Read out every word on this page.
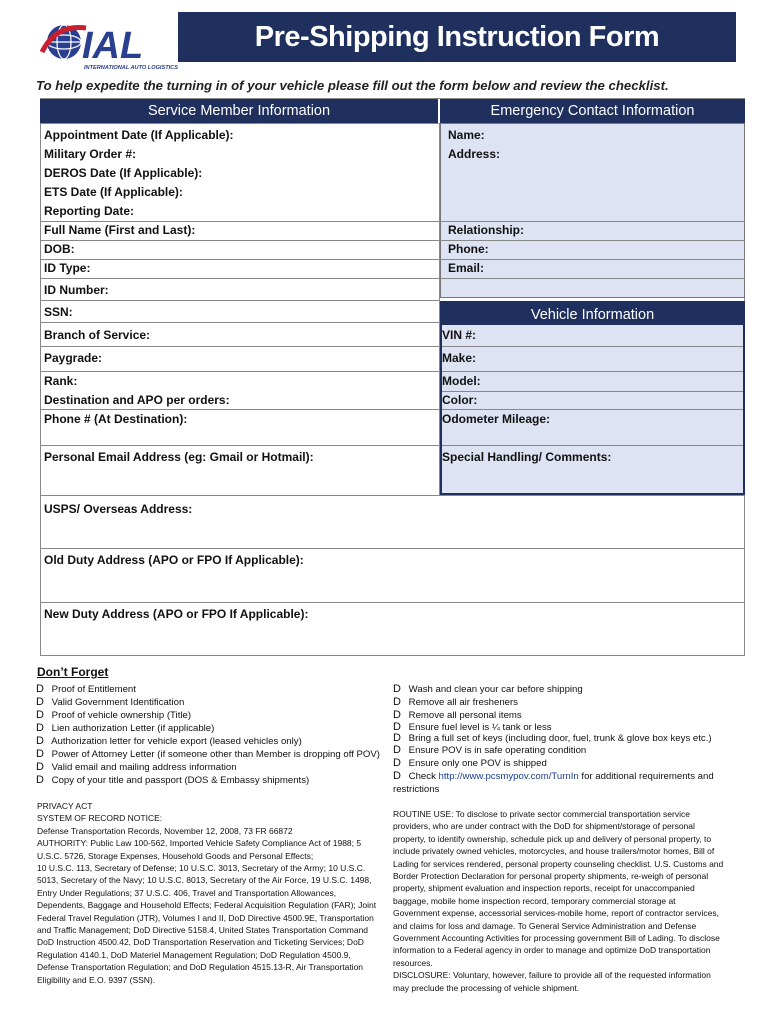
IAL
INTERNATIONAL AUTO LOGISTICS
Pre-Shipping Instruction Form
To help expedite the turning in of your vehicle please fill out the form below and review the checklist.
Service Member Information	Emergency Contact Information
Vehicle Information
Appointment Date (If Applicable):
Military Order #:
DEROS Date (If Applicable):
ETS Date (If Applicable):
Reporting Date:
Full Name (First and Last):
DOB:
ID Type:
ID Number:
SSN:
Branch of Service:
Paygrade:
Rank:
Destination and APO per orders:
Phone # (At Destination):
Personal Email Address (eg: Gmail or Hotmail):
Name:
Address:
Relationship:
Phone:
Email:
VIN #:
Make:
Model:
Color:
Odometer Mileage:
Special Handling/ Comments:
USPS/ Overseas Address:
Old Duty Address (APO or FPO If Applicable):
New Duty Address (APO or FPO If Applicable):
Don’t Forget
D Proof of Entitlement
D Valid Government Identification
D Proof of vehicle ownership (Title)
D Lien authorization Letter (if applicable)
D Authorization letter for vehicle export (leased vehicles only)
D Power of Attorney Letter (if someone other than Member is dropping off POV)
D Valid email and mailing address information
D Copy of your title and passport (DOS & Embassy shipments)
D Wash and clean your car before shipping
D Remove all air fresheners
D Remove all personal items
D Ensure fuel level is ¼ tank or less
D Bring a full set of keys (including door, fuel, trunk & glove box keys etc.)
D Ensure POV is in safe operating condition
D Ensure only one POV is shipped
D Check http://www.pcsmypov.com/TurnIn for additional requirements and
restrictions
PRIVACY ACT
SYSTEM OF RECORD NOTICE:
Defense Transportation Records, November 12, 2008, 73 FR 66872
AUTHORITY: Public Law 100-562, Imported Vehicle Safety Compliance Act of 1988; 5
U.S.C. 5726, Storage Expenses, Household Goods and Personal Effects;
10 U.S.C. 113, Secretary of Defense; 10 U.S.C. 3013, Secretary of the Army; 10 U.S.C.
5013, Secretary of the Navy; 10 U.S.C. 8013, Secretary of the Air Force, 19 U.S.C. 1498,
Entry Under Regulations; 37 U.S.C. 406, Travel and Transportation Allowances,
Dependents, Baggage and Household Effects; Federal Acquisition Regulation (FAR); Joint
Federal Travel Regulation (JTR), Volumes I and II, DoD Directive 4500.9E, Transportation
and Traffic Management; DoD Directive 5158.4, United States Transportation Command
DoD Instruction 4500.42, DoD Transportation Reservation and Ticketing Services; DoD
Regulation 4140.1, DoD Materiel Management Regulation; DoD Regulation 4500.9,
Defense Transportation Regulation; and DoD Regulation 4515.13-R, Air Transportation
Eligibility and E.O. 9397 (SSN).
ROUTINE USE: To disclose to private sector commercial transportation service
providers, who are under contract with the DoD for shipment/storage of personal
property, to identify ownership, schedule pick up and delivery of personal property, to
include privately owned vehicles, motorcycles, and house trailers/motor homes, Bill of
Lading for services rendered, personal property counseling checklist. U.S. Customs and
Border Protection Declaration for personal property shipments, re-weigh of personal
property, shipment evaluation and inspection reports, receipt for unaccompanied
baggage, mobile home inspection record, temporary commercial storage at
Government expense, accessorial services-mobile home, report of contractor services,
and claims for loss and damage. To General Service Administration and Defense
Government Accounting Activities for processing government Bill of Lading. To disclose
information to a Federal agency in order to manage and optimize DoD transportation
resources.
DISCLOSURE: Voluntary, however, failure to provide all of the requested information
may preclude the processing of vehicle shipment.
